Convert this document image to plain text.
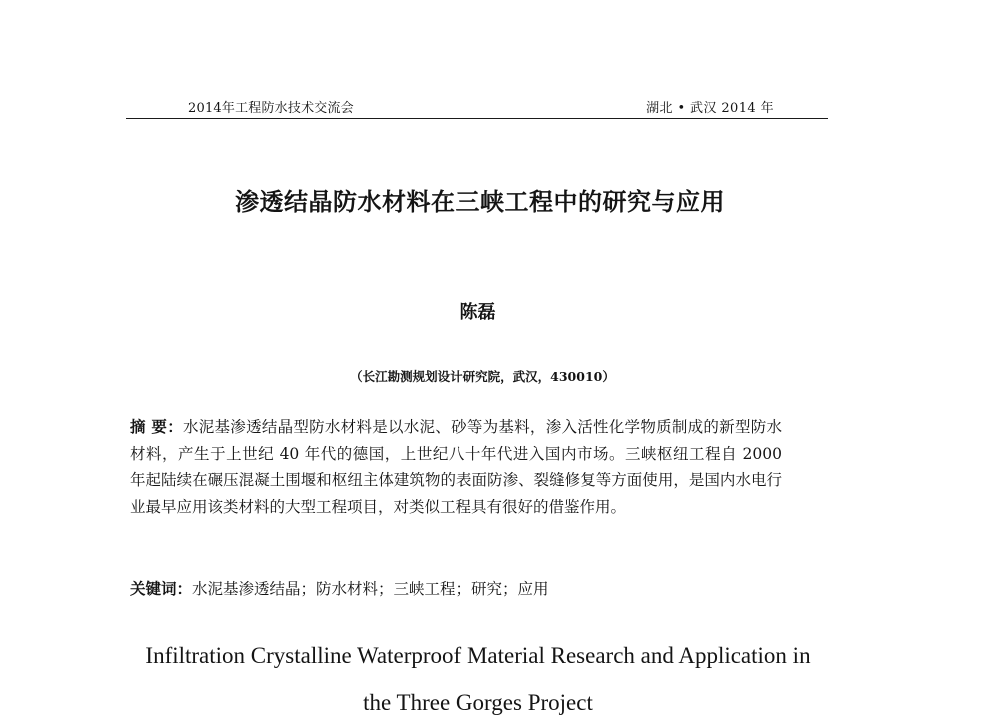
2014年工程防水技术交流会	湖北 • 武汉 2014 年
渗透结晶防水材料在三峡工程中的研究与应用
陈磊
（长江勘测规划设计研究院，武汉，430010）
摘 要：水泥基渗透结晶型防水材料是以水泥、砂等为基料，渗入活性化学物质制成的新型防水材料，产生于上世纪 40 年代的德国，上世纪八十年代进入国内市场。三峡枢纽工程自 2000 年起陆续在碾压混凝土围堰和枢纽主体建筑物的表面防渗、裂缝修复等方面使用，是国内水电行业最早应用该类材料的大型工程项目，对类似工程具有很好的借鉴作用。
关键词：水泥基渗透结晶；防水材料；三峡工程；研究；应用
Infiltration Crystalline Waterproof Material Research and Application in
the Three Gorges Project
